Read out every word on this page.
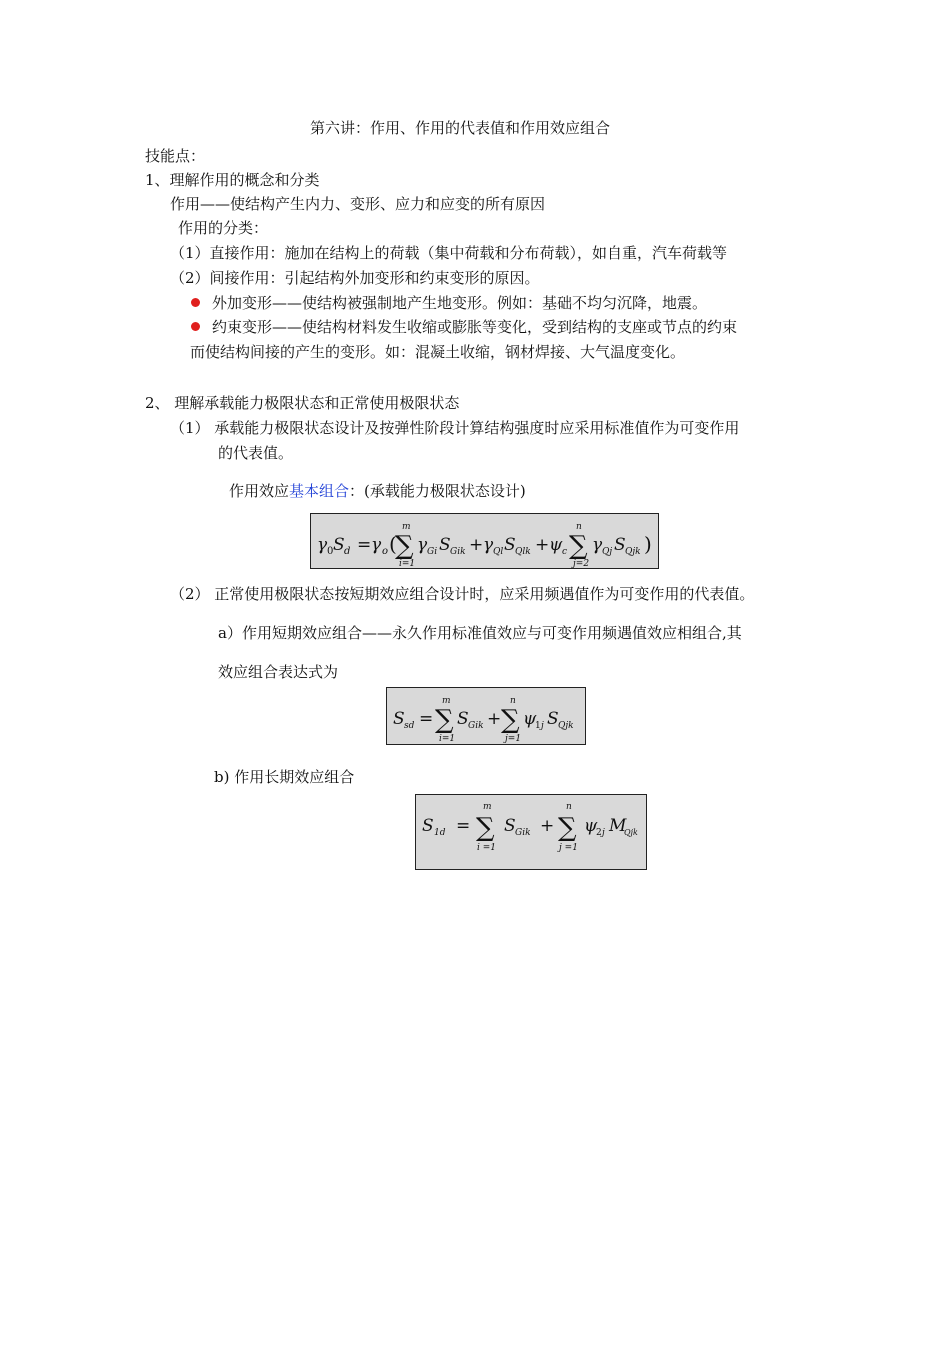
第六讲：作用、作用的代表值和作用效应组合
技能点：
1、理解作用的概念和分类
作用——使结构产生内力、变形、应力和应变的所有原因
作用的分类：
（1）直接作用：施加在结构上的荷载（集中荷载和分布荷载），如自重，汽车荷载等
（2）间接作用：引起结构外加变形和约束变形的原因。
外加变形——使结构被强制地产生地变形。例如：基础不均匀沉降，地震。
约束变形——使结构材料发生收缩或膨胀等变化，受到结构的支座或节点的约束
而使结构间接的产生的变形。如：混凝土收缩，钢材焊接、大气温度变化。
2、 理解承载能力极限状态和正常使用极限状态
（1） 承载能力极限状态设计及按弹性阶段计算结构强度时应采用标准值作为可变作用
的代表值。
作用效应基本组合：(承载能力极限状态设计)
γ 0 S d = γ o (
∑
m
i=1
γ Gi S Gik + γ Ql S Qlk + ψ c ∑
n
j=2
γ Qj S Qjk )
（2） 正常使用极限状态按短期效应组合设计时，应采用频遇值作为可变作用的代表值。
a）作用短期效应组合——永久作用标准值效应与可变作用频遇值效应相组合,其
效应组合表达式为
S sd = ∑
m
i=1
S Gik + ∑
n
j=1
ψ
1 j S Qjk
b) 作用长期效应组合
S 1d = ∑
m
i =1
S Gik + ∑
n
j =1
ψ
2 j M
Qjk
